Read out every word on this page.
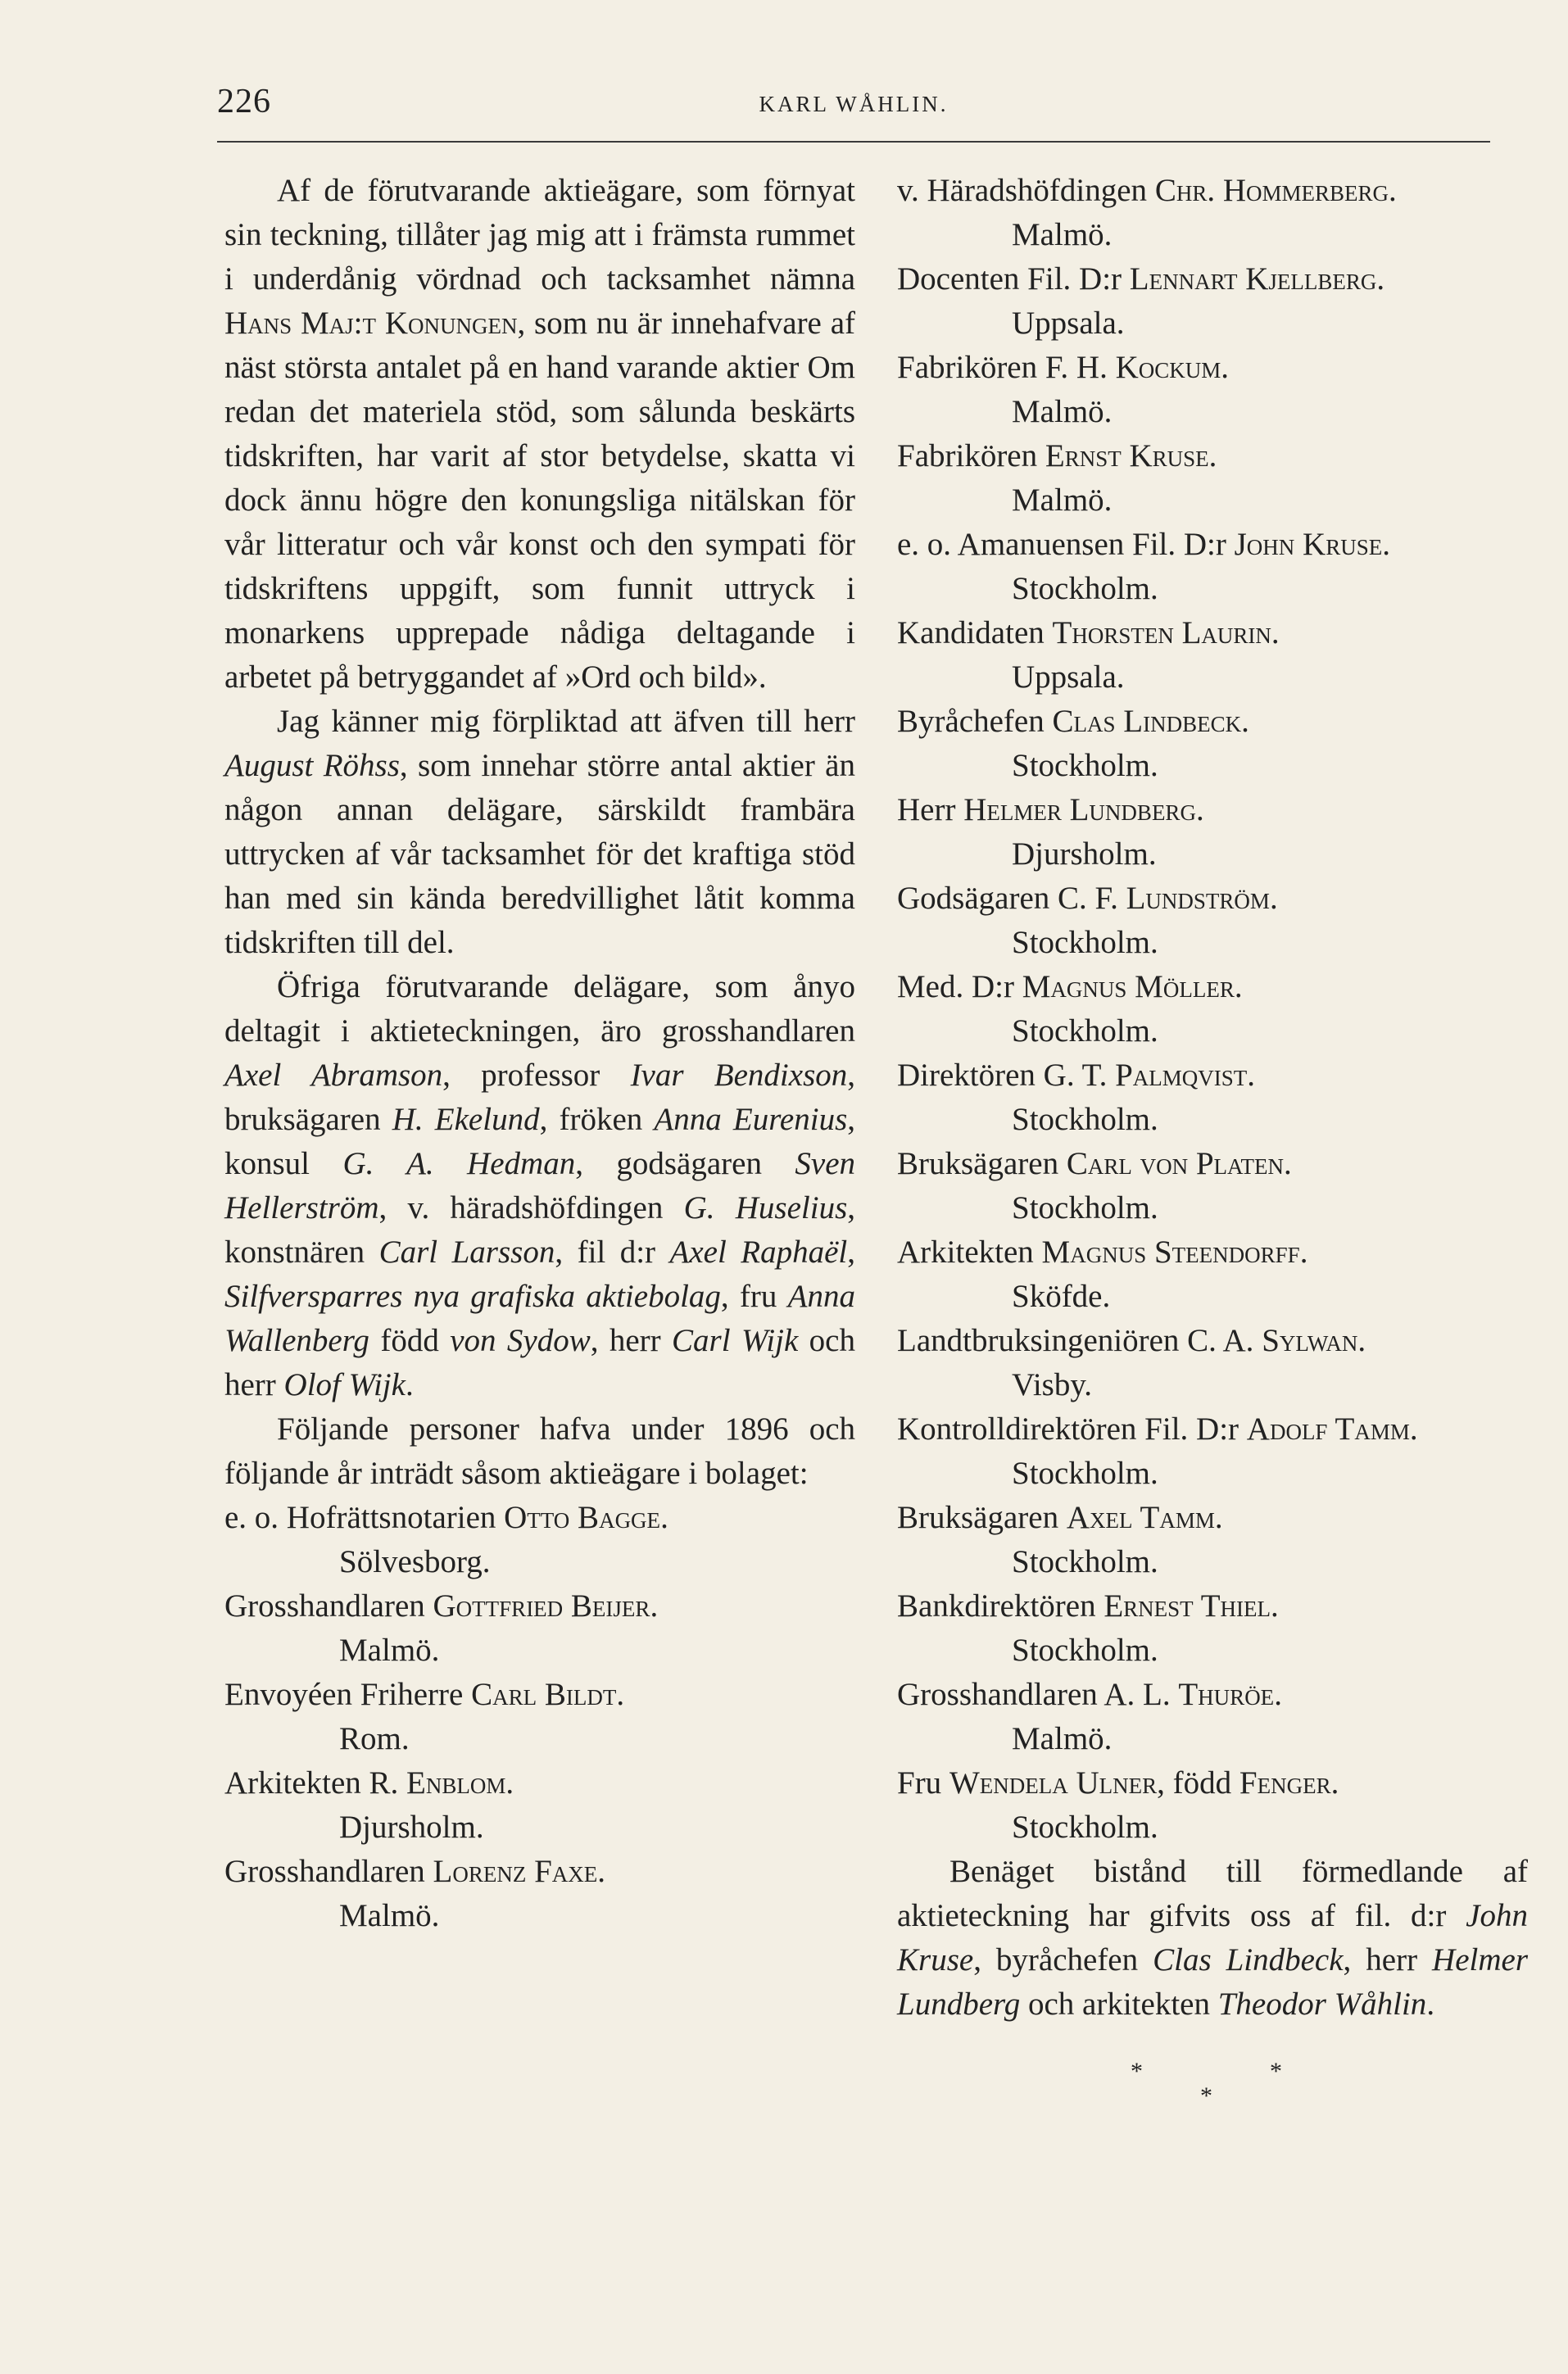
226	KARL WÅHLIN.

Af de förutvarande aktieägare, som förnyat sin teckning, tillåter jag mig att i främsta rummet i underdånig vördnad och tacksamhet nämna Hans Maj:t Konungen, som nu är innehafvare af näst största antalet på en hand varande aktier Om redan det materiela stöd, som sålunda beskärts tidskriften, har varit af stor betydelse, skatta vi dock ännu högre den konungsliga nitälskan för vår litteratur och vår konst och den sympati för tidskriftens uppgift, som funnit uttryck i monarkens upprepade nådiga deltagande i arbetet på betryggandet af »Ord och bild».

Jag känner mig förpliktad att äfven till herr August Röhss, som innehar större antal aktier än någon annan delägare, särskildt frambära uttrycken af vår tacksamhet för det kraftiga stöd han med sin kända beredvillighet låtit komma tidskriften till del.

Öfriga förutvarande delägare, som ånyo deltagit i aktieteckningen, äro grosshandlaren Axel Abramson, professor Ivar Bendixson, bruksägaren H. Ekelund, fröken Anna Eurenius, konsul G. A. Hedman, godsägaren Sven Hellerström, v. häradshöfdingen G. Huselius, konstnären Carl Larsson, fil d:r Axel Raphaël, Silfversparres nya grafiska aktiebolag, fru Anna Wallenberg född von Sydow, herr Carl Wijk och herr Olof Wijk.

Följande personer hafva under 1896 och följande år inträdt såsom aktieägare i bolaget:

e. o. Hofrättsnotarien Otto Bagge.
Sölvesborg.
Grosshandlaren Gottfried Beijer.
Malmö.
Envoyéen Friherre Carl Bildt.
Rom.
Arkitekten R. Enblom.
Djursholm.
Grosshandlaren Lorenz Faxe.
Malmö.
v. Häradshöfdingen Chr. Hommerberg.
Malmö.
Docenten Fil. D:r Lennart Kjellberg.
Uppsala.
Fabrikören F. H. Kockum.
Malmö.
Fabrikören Ernst Kruse.
Malmö.
e. o. Amanuensen Fil. D:r John Kruse.
Stockholm.
Kandidaten Thorsten Laurin.
Uppsala.
Byråchefen Clas Lindbeck.
Stockholm.
Herr Helmer Lundberg.
Djursholm.
Godsägaren C. F. Lundström.
Stockholm.
Med. D:r Magnus Möller.
Stockholm.
Direktören G. T. Palmqvist.
Stockholm.
Bruksägaren Carl von Platen.
Stockholm.
Arkitekten Magnus Steendorff.
Sköfde.
Landtbruksingeniören C. A. Sylwan.
Visby.
Kontrolldirektören Fil. D:r Adolf Tamm.
Stockholm.
Bruksägaren Axel Tamm.
Stockholm.
Bankdirektören Ernest Thiel.
Stockholm.
Grosshandlaren A. L. Thuröe.
Malmö.
Fru Wendela Ulner, född Fenger.
Stockholm.

Benäget bistånd till förmedlande af aktieteckning har gifvits oss af fil. d:r John Kruse, byråchefen Clas Lindbeck, herr Helmer Lundberg och arkitekten Theodor Wåhlin.

*	*
*
